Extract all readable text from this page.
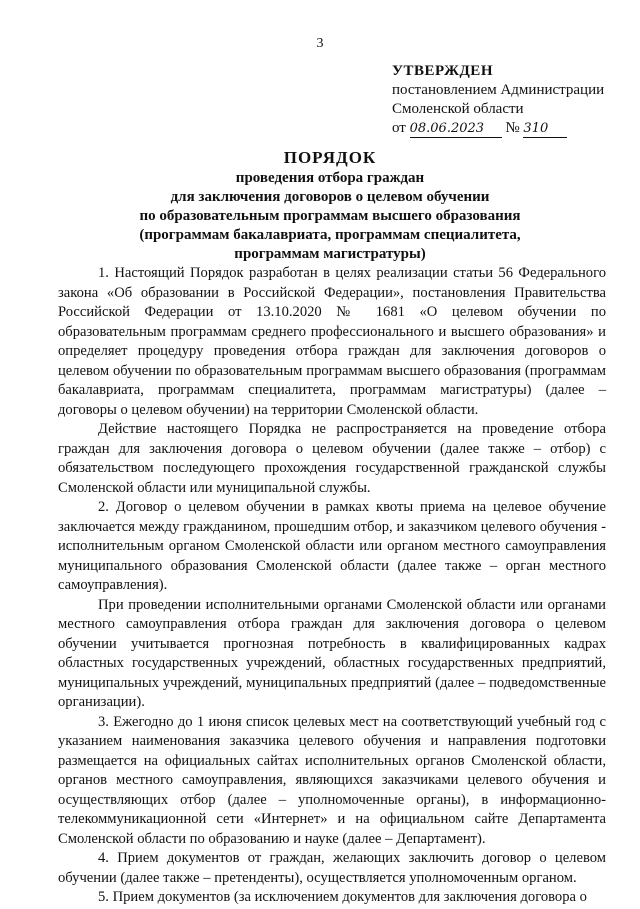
3
УТВЕРЖДЕН
постановлением Администрации
Смоленской области
от 08.06.2023 № 310
ПОРЯДОК
проведения отбора граждан
для заключения договоров о целевом обучении
по образовательным программам высшего образования
(программам бакалавриата, программам специалитета,
программам магистратуры)

1. Настоящий Порядок разработан в целях реализации статьи 56 Федерального закона «Об образовании в Российской Федерации», постановления Правительства Российской Федерации от 13.10.2020 № 1681 «О целевом обучении по образовательным программам среднего профессионального и высшего образования» и определяет процедуру проведения отбора граждан для заключения договоров о целевом обучении по образовательным программам высшего образования (программам бакалавриата, программам специалитета, программам магистратуры) (далее – договоры о целевом обучении) на территории Смоленской области.

Действие настоящего Порядка не распространяется на проведение отбора граждан для заключения договора о целевом обучении (далее также – отбор) с обязательством последующего прохождения государственной гражданской службы Смоленской области или муниципальной службы.

2. Договор о целевом обучении в рамках квоты приема на целевое обучение заключается между гражданином, прошедшим отбор, и заказчиком целевого обучения - исполнительным органом Смоленской области или органом местного самоуправления муниципального образования Смоленской области (далее также – орган местного самоуправления).

При проведении исполнительными органами Смоленской области или органами местного самоуправления отбора граждан для заключения договора о целевом обучении учитывается прогнозная потребность в квалифицированных кадрах областных государственных учреждений, областных государственных предприятий, муниципальных учреждений, муниципальных предприятий (далее – подведомственные организации).

3. Ежегодно до 1 июня список целевых мест на соответствующий учебный год с указанием наименования заказчика целевого обучения и направления подготовки размещается на официальных сайтах исполнительных органов Смоленской области, органов местного самоуправления, являющихся заказчиками целевого обучения и осуществляющих отбор (далее – уполномоченные органы), в информационно-телекоммуникационной сети «Интернет» и на официальном сайте Департамента Смоленской области по образованию и науке (далее – Департамент).

4. Прием документов от граждан, желающих заключить договор о целевом обучении (далее также – претенденты), осуществляется уполномоченным органом.

5. Прием документов (за исключением документов для заключения договора о
